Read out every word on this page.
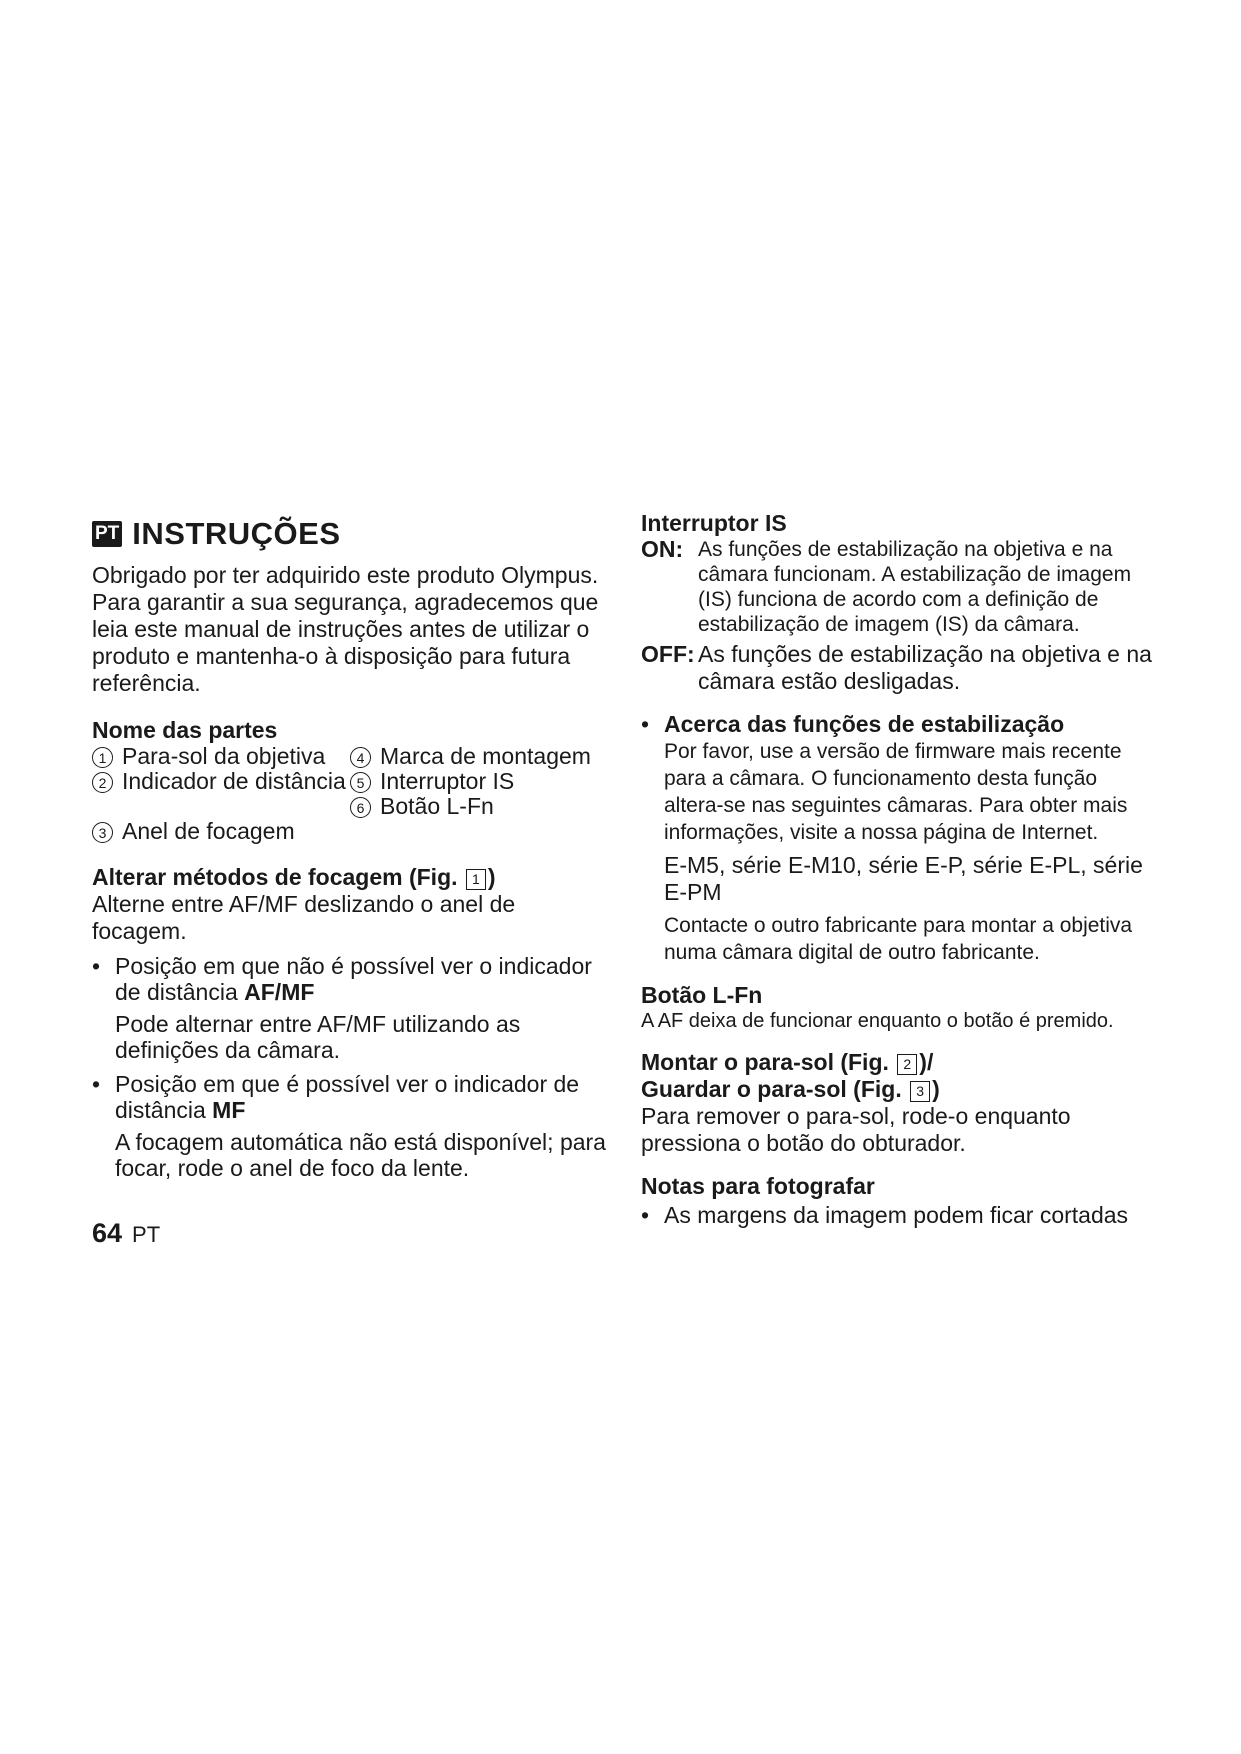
PT INSTRUÇÕES

Obrigado por ter adquirido este produto Olympus. Para garantir a sua segurança, agradecemos que leia este manual de instruções antes de utilizar o produto e mantenha-o à disposição para futura referência.

Nome das partes
1 Para-sol da objetiva	4 Marca de montagem
2 Indicador de distância 5 Interruptor IS
6 Botão L-Fn
3 Anel de focagem
Alterar métodos de focagem (Fig. 1 )

Alterne entre AF/MF deslizando o anel de focagem.

• Posição em que não é possível ver o indicador de distância AF/MF

Pode alternar entre AF/MF utilizando as definições da câmara.

• Posição em que é possível ver o indicador de distância MF

A focagem automática não está disponível; para focar, rode o anel de foco da lente.

Interruptor IS
ON: As funções de estabilização na objetiva e na câmara funcionam. A estabilização de imagem (IS) funciona de acordo com a definição de estabilização de imagem (IS) da câmara.
OFF: As funções de estabilização na objetiva e na câmara estão desligadas.
• Acerca das funções de estabilização

Por favor, use a versão de firmware mais recente para a câmara. O funcionamento desta função altera-se nas seguintes câmaras. Para obter mais informações, visite a nossa página de Internet.

E-M5, série E-M10, série E-P, série E-PL, série E-PM

Contacte o outro fabricante para montar a objetiva numa câmara digital de outro fabricante.

Botão L-Fn

A AF deixa de funcionar enquanto o botão é premido.

Montar o para-sol (Fig. 2 )/
Guardar o para-sol (Fig. 3 )

Para remover o para-sol, rode-o enquanto pressiona o botão do obturador.

Notas para fotografar
• As margens da imagem podem ficar cortadas
64 PT
